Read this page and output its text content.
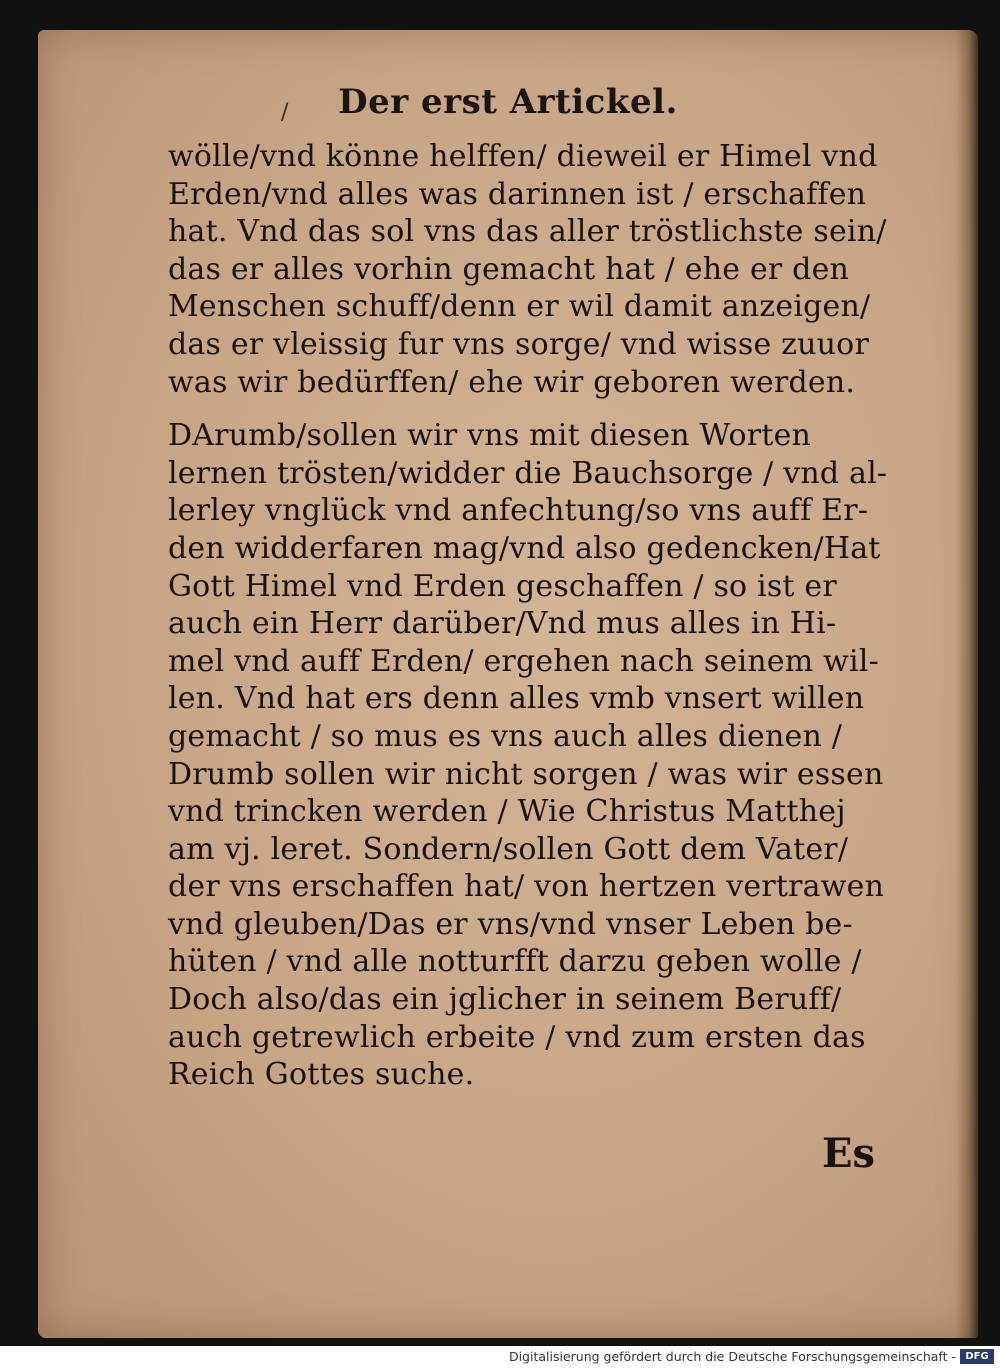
/	Der erst Artickel.
wölle/vnd könne helffen/ dieweil er Himel vnd
Erden/vnd alles was darinnen ist / erschaffen
hat. Vnd das sol vns das aller tröstlichste sein/
das er alles vorhin gemacht hat / ehe er den
Menschen schuff/denn er wil damit anzeigen/
das er vleissig fur vns sorge/ vnd wisse zuuor
was wir bedürffen/ ehe wir geboren werden.
DArumb/sollen wir vns mit diesen Worten
lernen trösten/widder die Bauchsorge / vnd al-
lerley vnglück vnd anfechtung/so vns auff Er-
den widderfaren mag/vnd also gedencken/Hat
Gott Himel vnd Erden geschaffen / so ist er
auch ein Herr darüber/Vnd mus alles in Hi-
mel vnd auff Erden/ ergehen nach seinem wil-
len. Vnd hat ers denn alles vmb vnsert willen
gemacht / so mus es vns auch alles dienen /
Drumb sollen wir nicht sorgen / was wir essen
vnd trincken werden / Wie Christus Matthej
am vj. leret. Sondern/sollen Gott dem Vater/
der vns erschaffen hat/ von hertzen vertrawen
vnd gleuben/Das er vns/vnd vnser Leben be-
hüten / vnd alle notturfft darzu geben wolle /
Doch also/das ein jglicher in seinem Beruff/
auch getrewlich erbeite / vnd zum ersten das
Reich Gottes suche.
Es
Digitalisierung gefördert durch die Deutsche Forschungsgemeinschaft - DFG
